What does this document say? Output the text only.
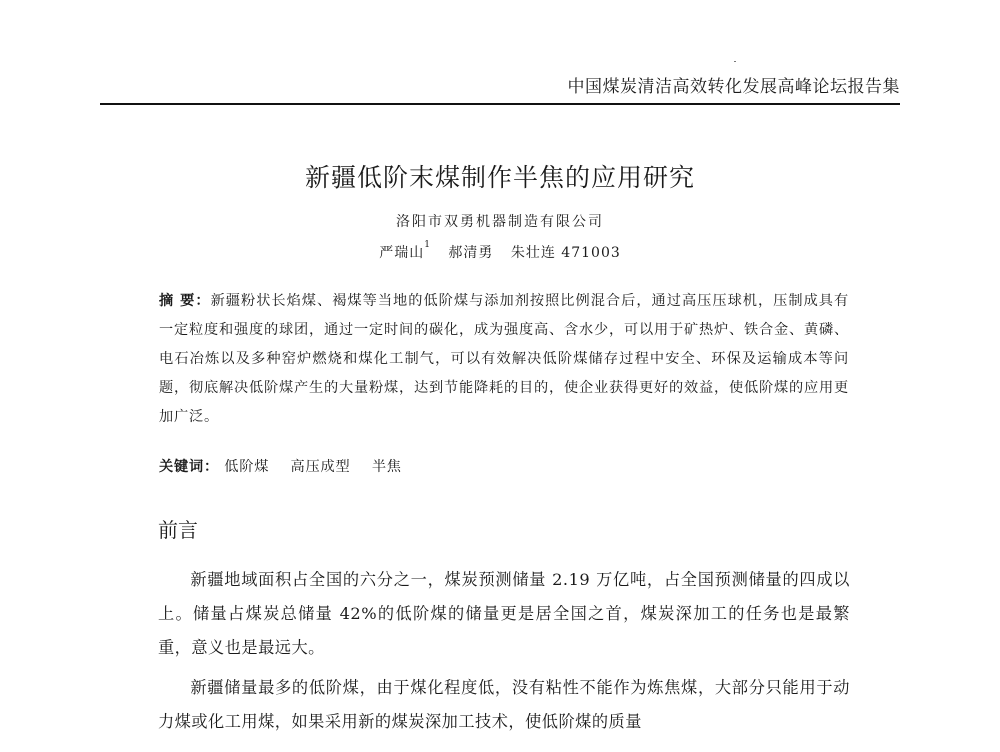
中国煤炭清洁高效转化发展高峰论坛报告集
新疆低阶末煤制作半焦的应用研究
洛阳市双勇机器制造有限公司
严瑞山$^1$ 郝清勇 朱壮连 471003
摘 要：新疆粉状长焰煤、褐煤等当地的低阶煤与添加剂按照比例混合后，通过高压压球机，压制成具有一定粒度和强度的球团，通过一定时间的碳化，成为强度高、含水少，可以用于矿热炉、铁合金、黄磷、电石冶炼以及多种窑炉燃烧和煤化工制气，可以有效解决低阶煤储存过程中安全、环保及运输成本等问题，彻底解决低阶煤产生的大量粉煤，达到节能降耗的目的，使企业获得更好的效益，使低阶煤的应用更加广泛。
关键词： 低阶煤 高压成型 半焦
前言
新疆地域面积占全国的六分之一，煤炭预测储量 2.19 万亿吨，占全国预测储量的四成以上。储量占煤炭总储量 42%的低阶煤的储量更是居全国之首，煤炭深加工的任务也是最繁重，意义也是最远大。
新疆储量最多的低阶煤，由于煤化程度低，没有粘性不能作为炼焦煤，大部分只能用于动力煤或化工用煤，如果采用新的煤炭深加工技术，使低阶煤的质量
